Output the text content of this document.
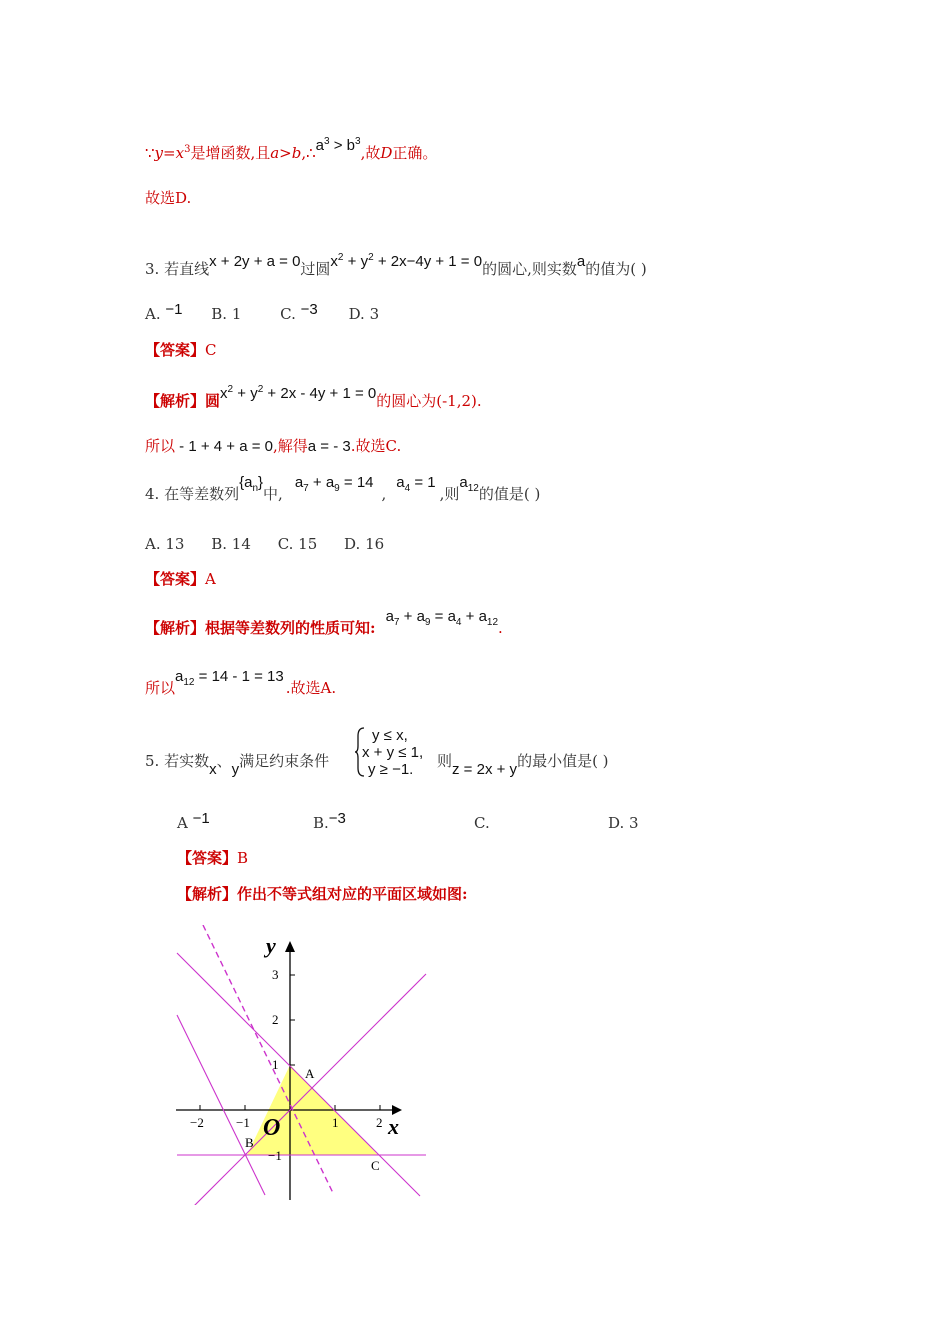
$\because y=x^3$是增函数,且$a>b,\therefore a^3 > b^3$,故D正确。
故选D.
3. 若直线x + 2y + a = 0过圆$x^2 + y^2 + 2x-4y + 1 = 0$的圆心,则实数a的值为( )
A. −1 B. 1	C. −3 D. 3
【答案】C
【解析】圆$x^2 + y^2 + 2x - 4y + 1 = 0$的圆心为(-1,2).
所以 - 1 + 4 + a = 0,解得a = - 3.故选C.
4. 在等差数列$\{a_n\}$中$,a_7 + a_9 = 14,a_4 = 1$,则$a_{12}$的值是( )
A. 13 B. 14 C. 15 D. 16
【答案】A
【解析】根据等差数列的性质可知$:a_7 + a_9 = a_4 + a_{12}$.
所以$a_{12} = 14 - 1 = 13$.故选A.
5. 若实数x、y满足约束条件
y ≤ x,
x + y ≤ 1,
y ≥ −1.	则z = 2x + y的最小值是( )
A −1	B.−3	C.	D. 3
【答案】B
【解析】作出不等式组对应的平面区域如图:
−2 −1	1	2
3
2
1
−1
y
x
O
A
B
C
